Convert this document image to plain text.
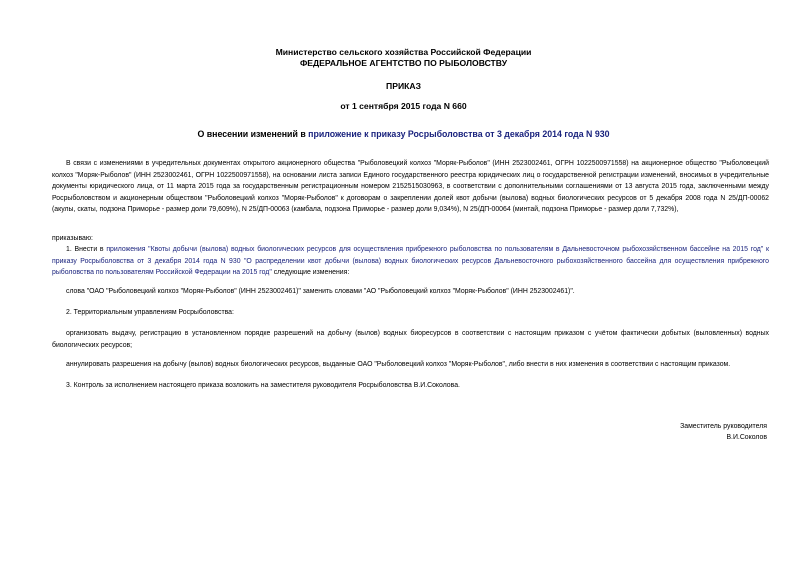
Министерство сельского хозяйства Российской Федерации
ФЕДЕРАЛЬНОЕ АГЕНТСТВО ПО РЫБОЛОВСТВУ
ПРИКАЗ
от 1 сентября 2015 года N 660
О внесении изменений в приложение к приказу Росрыболовства от 3 декабря 2014 года N 930
В связи с изменениями в учредительных документах открытого акционерного общества "Рыболовецкий колхоз "Моряк-Рыболов" (ИНН 2523002461, ОГРН 1022500971558) на акционерное общество "Рыболовецкий колхоз "Моряк-Рыболов" (ИНН 2523002461, ОГРН 1022500971558), на основании листа записи Единого государственного реестра юридических лиц о государственной регистрации изменений, вносимых в учредительные документы юридического лица, от 11 марта 2015 года за государственным регистрационным номером 2152515030963, в соответствии с дополнительными соглашениями от 13 августа 2015 года, заключенными между Росрыболовством и акционерным обществом "Рыболовецкий колхоз "Моряк-Рыболов" к договорам о закреплении долей квот добычи (вылова) водных биологических ресурсов от 5 декабря 2008 года N 25/ДП-00062 (акулы, скаты, подзона Приморье - размер доли 79,609%), N 25/ДП-00063 (камбала, подзона Приморье - размер доли 9,034%), N 25/ДП-00064 (минтай, подзона Приморье - размер доли 7,732%),
приказываю:
1. Внести в приложения "Квоты добычи (вылова) водных биологических ресурсов для осуществления прибрежного рыболовства по пользователям в Дальневосточном рыбохозяйственном бассейне на 2015 год" к приказу Росрыболовства от 3 декабря 2014 года N 930 "О распределении квот добычи (вылова) водных биологических ресурсов Дальневосточного рыбохозяйственного бассейна для осуществления прибрежного рыболовства по пользователям Российской Федерации на 2015 год" следующие изменения:
слова "ОАО "Рыболовецкий колхоз "Моряк-Рыболов" (ИНН 2523002461)" заменить словами "АО "Рыболовецкий колхоз "Моряк-Рыболов" (ИНН 2523002461)".
2. Территориальным управлениям Росрыболовства:
организовать выдачу, регистрацию в установленном порядке разрешений на добычу (вылов) водных биоресурсов в соответствии с настоящим приказом с учётом фактически добытых (выловленных) водных биологических ресурсов;
аннулировать разрешения на добычу (вылов) водных биологических ресурсов, выданные ОАО "Рыболовецкий колхоз "Моряк-Рыболов", либо внести в них изменения в соответствии с настоящим приказом.
3. Контроль за исполнением настоящего приказа возложить на заместителя руководителя Росрыболовства В.И.Соколова.
Заместитель руководителя
В.И.Соколов
